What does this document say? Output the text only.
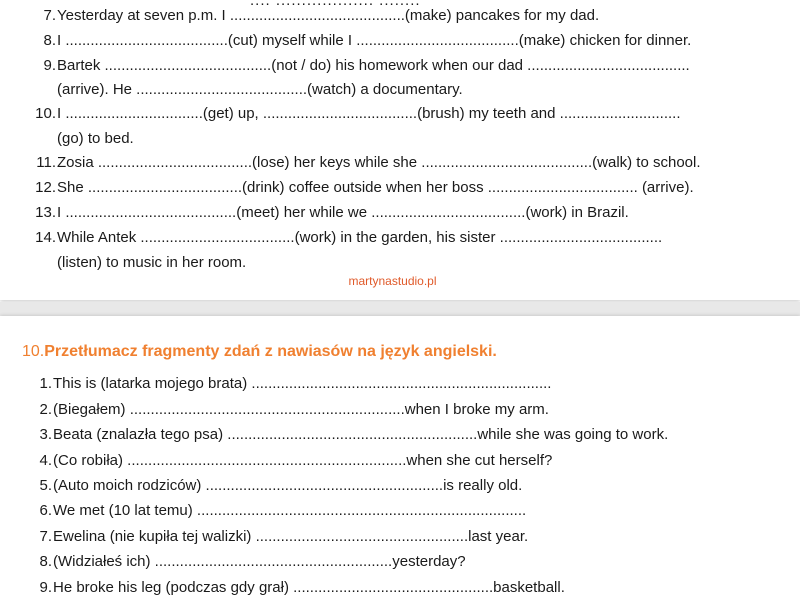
.... ................... ........
7. Yesterday at seven p.m. I ..........................................(make) pancakes for my dad.
8. I .......................................(cut) myself while I .......................................(make) chicken for dinner.
9. Bartek ........................................(not / do) his homework when our dad .......................................
(arrive). He .........................................(watch) a documentary.
10. I .................................(get) up, .....................................(brush) my teeth and .............................
(go) to bed.
11. Zosia .....................................(lose) her keys while she .........................................(walk) to school.
12. She .....................................(drink) coffee outside when her boss .................................... (arrive).
13. I .........................................(meet) her while we .....................................(work) in Brazil.
14. While Antek .....................................(work) in the garden, his sister .......................................
(listen) to music in her room.
martynastudio.pl
10.Przetłumacz fragmenty zdań z nawiasów na język angielski.
1. This is (latarka mojego brata) ........................................................................
2. (Biegałem) ..................................................................when I broke my arm.
3. Beata (znalazła tego psa) ............................................................while she was going to work.
4. (Co robiła) ...................................................................when she cut herself?
5. (Auto moich rodziców) .........................................................is really old.
6. We met (10 lat temu) ...............................................................................
7. Ewelina (nie kupiła tej walizki) ...................................................last year.
8. (Widziałeś ich) .........................................................yesterday?
9. He broke his leg (podczas gdy grał) ................................................basketball.
